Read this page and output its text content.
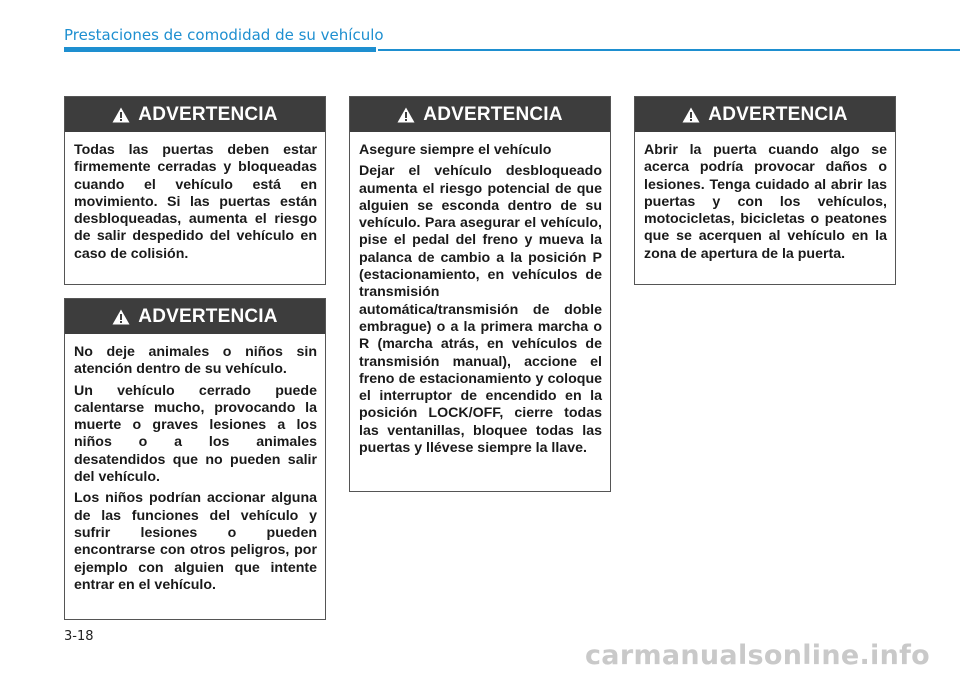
Prestaciones de comodidad de su vehículo
ADVERTENCIA

Todas las puertas deben estar firmemente cerradas y bloqueadas cuando el vehículo está en movimiento. Si las puertas están desbloqueadas, aumenta el riesgo de salir despedido del vehículo en caso de colisión.

ADVERTENCIA

No deje animales o niños sin atención dentro de su vehículo.

Un vehículo cerrado puede calentarse mucho, provocando la muerte o graves lesiones a los niños o a los animales desatendidos que no pueden salir del vehículo.

Los niños podrían accionar alguna de las funciones del vehículo y sufrir lesiones o pueden encontrarse con otros peligros, por ejemplo con alguien que intente entrar en el vehículo.

ADVERTENCIA

Asegure siempre el vehículo

Dejar el vehículo desbloqueado aumenta el riesgo potencial de que alguien se esconda dentro de su vehículo. Para asegurar el vehículo, pise el pedal del freno y mueva la palanca de cambio a la posición P (estacionamiento, en vehículos de transmisión automática/transmisión de doble embrague) o a la primera marcha o R (marcha atrás, en vehículos de transmisión manual), accione el freno de estacionamiento y coloque el interruptor de encendido en la posición LOCK/OFF, cierre todas las ventanillas, bloquee todas las puertas y llévese siempre la llave.

ADVERTENCIA

Abrir la puerta cuando algo se acerca podría provocar daños o lesiones. Tenga cuidado al abrir las puertas y con los vehículos, motocicletas, bicicletas o peatones que se acerquen al vehículo en la zona de apertura de la puerta.

3-18
carmanualsonline.info
